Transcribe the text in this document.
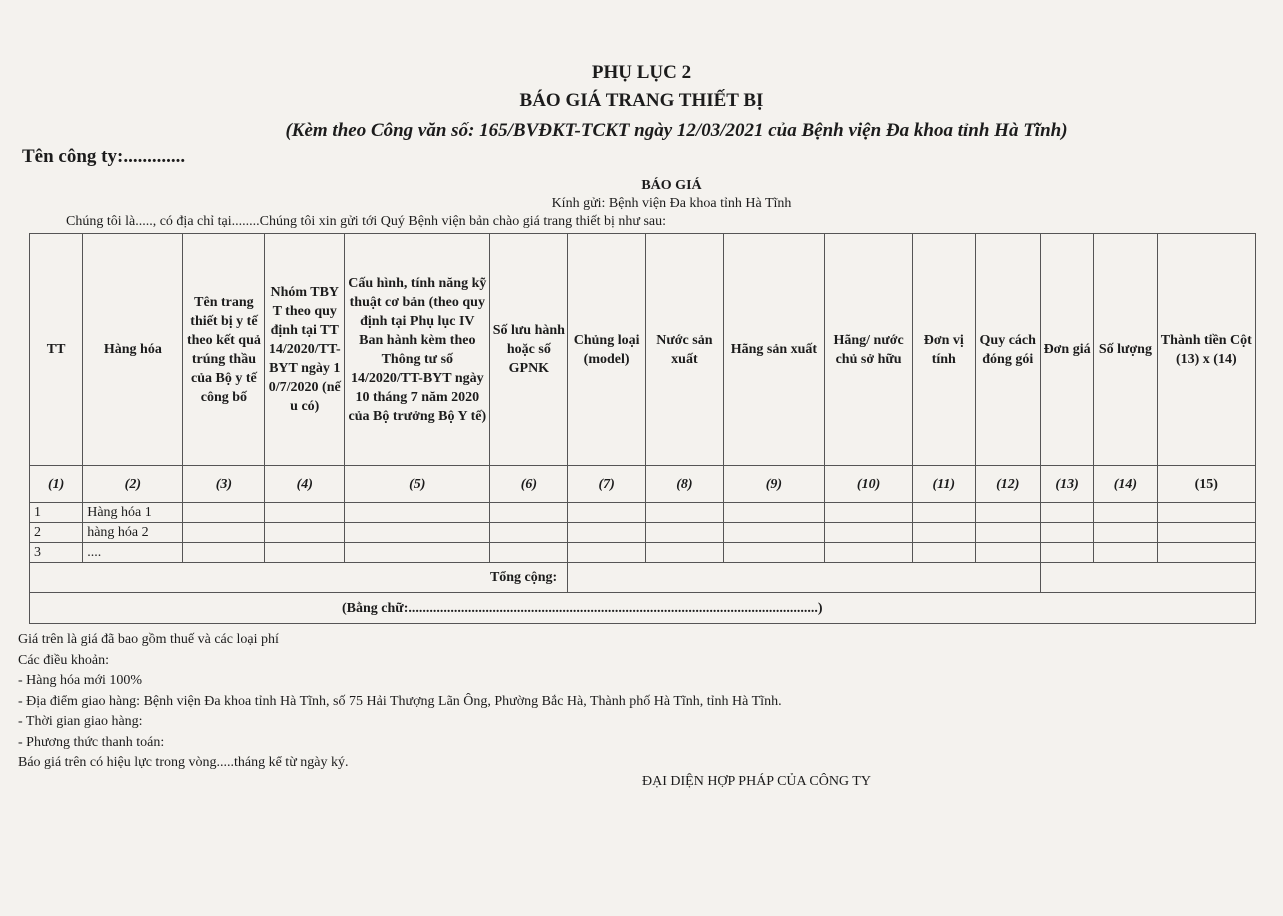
PHỤ LỤC 2
BÁO GIÁ TRANG THIẾT BỊ
(Kèm theo Công văn số: 165/BVĐKT-TCKT ngày 12/03/2021 của Bệnh viện Đa khoa tỉnh Hà Tĩnh)
Tên công ty:.............
BÁO GIÁ
Kính gửi: Bệnh viện Đa khoa tỉnh Hà Tĩnh
Chúng tôi là....., có địa chỉ tại........Chúng tôi xin gửi tới Quý Bệnh viện bản chào giá trang thiết bị như sau:
TT	Hàng hóa	Tên trang thiết bị y tế theo kết quả trúng thầu của Bộ y tế công bố	Nhóm TBYT theo quy định tại TT14/2020/TT-BYT ngày 10/7/2020 (nếu có)	Cấu hình, tính năng kỹ thuật cơ bản (theo quy định tại Phụ lục IV Ban hành kèm theo Thông tư số 14/2020/TT-BYT ngày 10 tháng 7 năm 2020 của Bộ trưởng Bộ Y tế)	Số lưu hành hoặc số GPNK	Chủng loại (model)	Nước sản xuất	Hãng sản xuất	Hãng/ nước chủ sở hữu	Đơn vị tính	Quy cách đóng gói	Đơn giá	Số lượng	Thành tiền Cột (13) x (14)
(1)	(2)	(3)	(4)	(5)	(6)	(7)	(8)	(9)	(10)	(11)	(12)	(13)	(14)	(15)
1	Hàng hóa 1													
2	hàng hóa 2													
3	....													
Tổng cộng:														
(Bằng chữ:.....................................................................................................................)														
Giá trên là giá đã bao gồm thuế và các loại phí
Các điều khoản:
- Hàng hóa mới 100%
- Địa điểm giao hàng: Bệnh viện Đa khoa tỉnh Hà Tĩnh, số 75 Hải Thượng Lãn Ông, Phường Bắc Hà, Thành phố Hà Tĩnh, tỉnh Hà Tĩnh.
- Thời gian giao hàng:
- Phương thức thanh toán:
Báo giá trên có hiệu lực trong vòng.....tháng kể từ ngày ký.
ĐẠI DIỆN HỢP PHÁP CỦA CÔNG TY
